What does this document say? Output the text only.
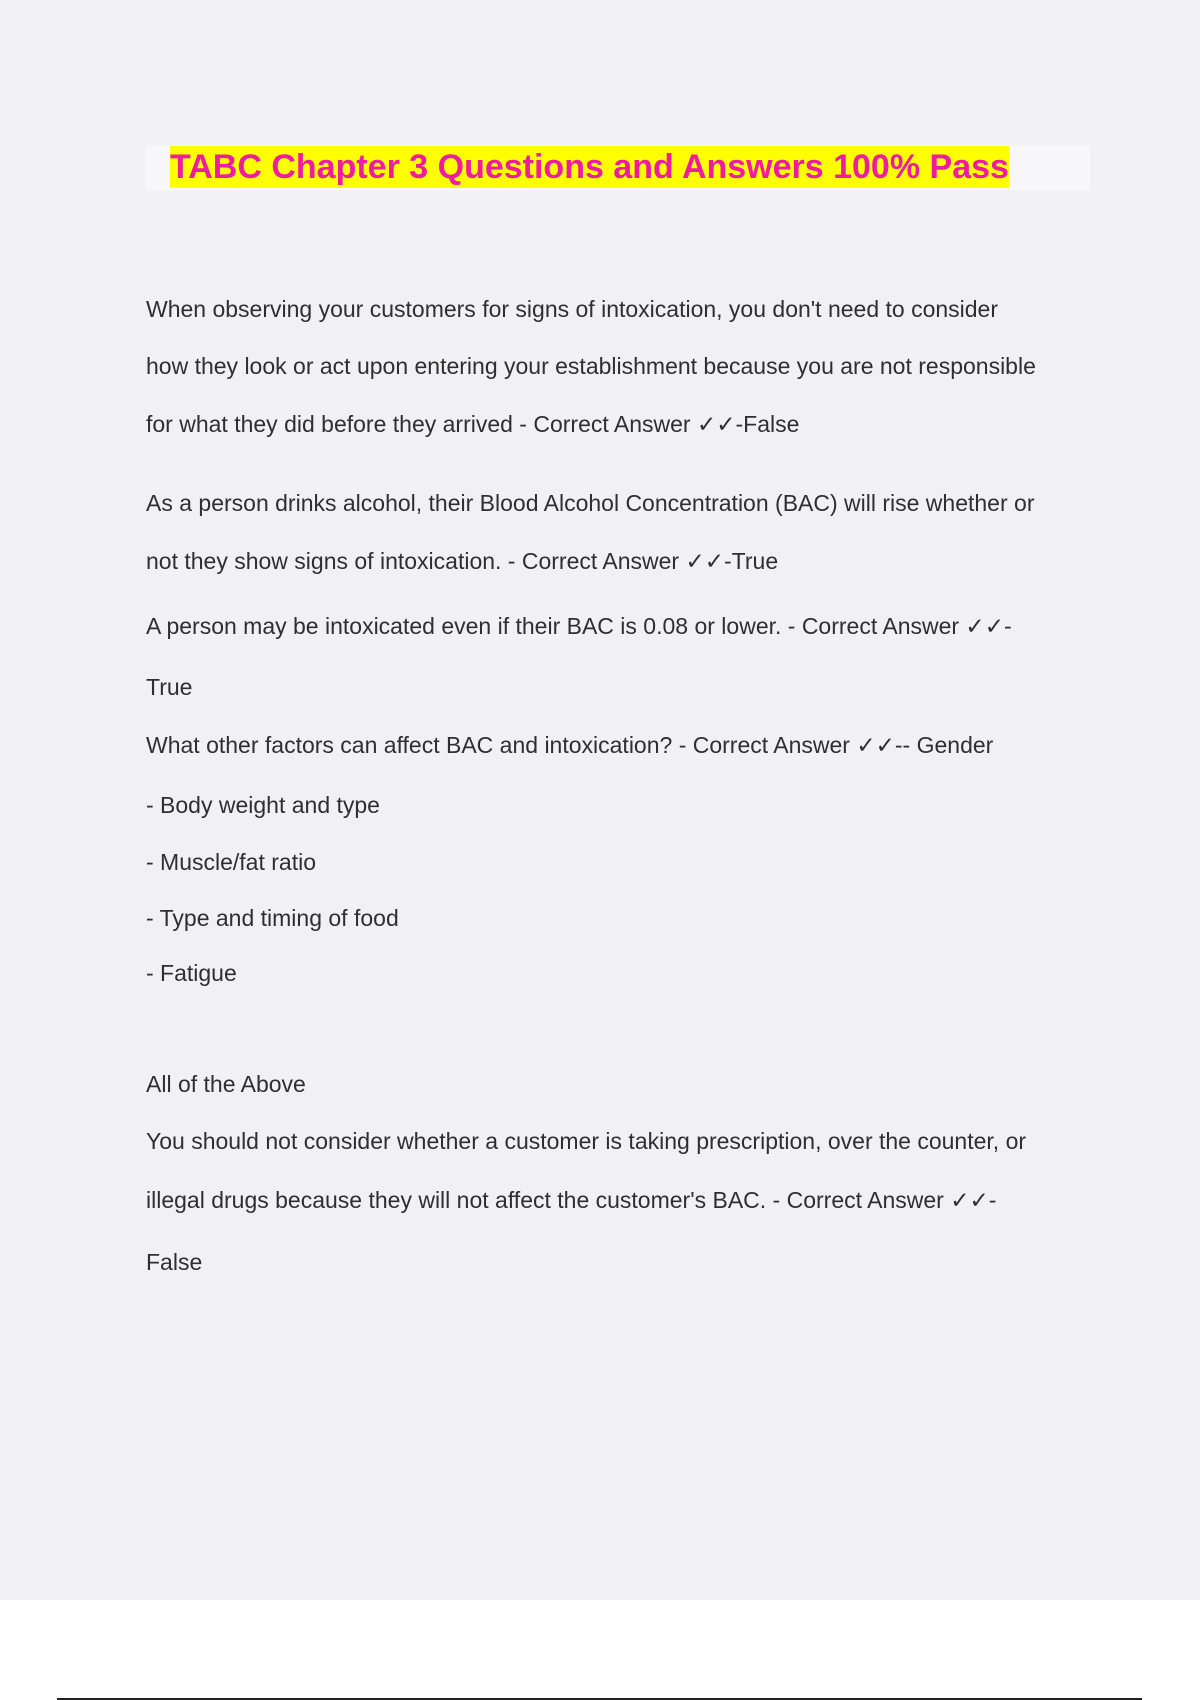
TABC Chapter 3 Questions and Answers 100% Pass
When observing your customers for signs of intoxication, you don't need to consider
how they look or act upon entering your establishment because you are not responsible
for what they did before they arrived - Correct Answer ✓✓-False
As a person drinks alcohol, their Blood Alcohol Concentration (BAC) will rise whether or
not they show signs of intoxication. - Correct Answer ✓✓-True
A person may be intoxicated even if their BAC is 0.08 or lower. - Correct Answer ✓✓-
True
What other factors can affect BAC and intoxication? - Correct Answer ✓✓-- Gender
- Body weight and type
- Muscle/fat ratio
- Type and timing of food
- Fatigue
All of the Above
You should not consider whether a customer is taking prescription, over the counter, or
illegal drugs because they will not affect the customer's BAC. - Correct Answer ✓✓-
False
